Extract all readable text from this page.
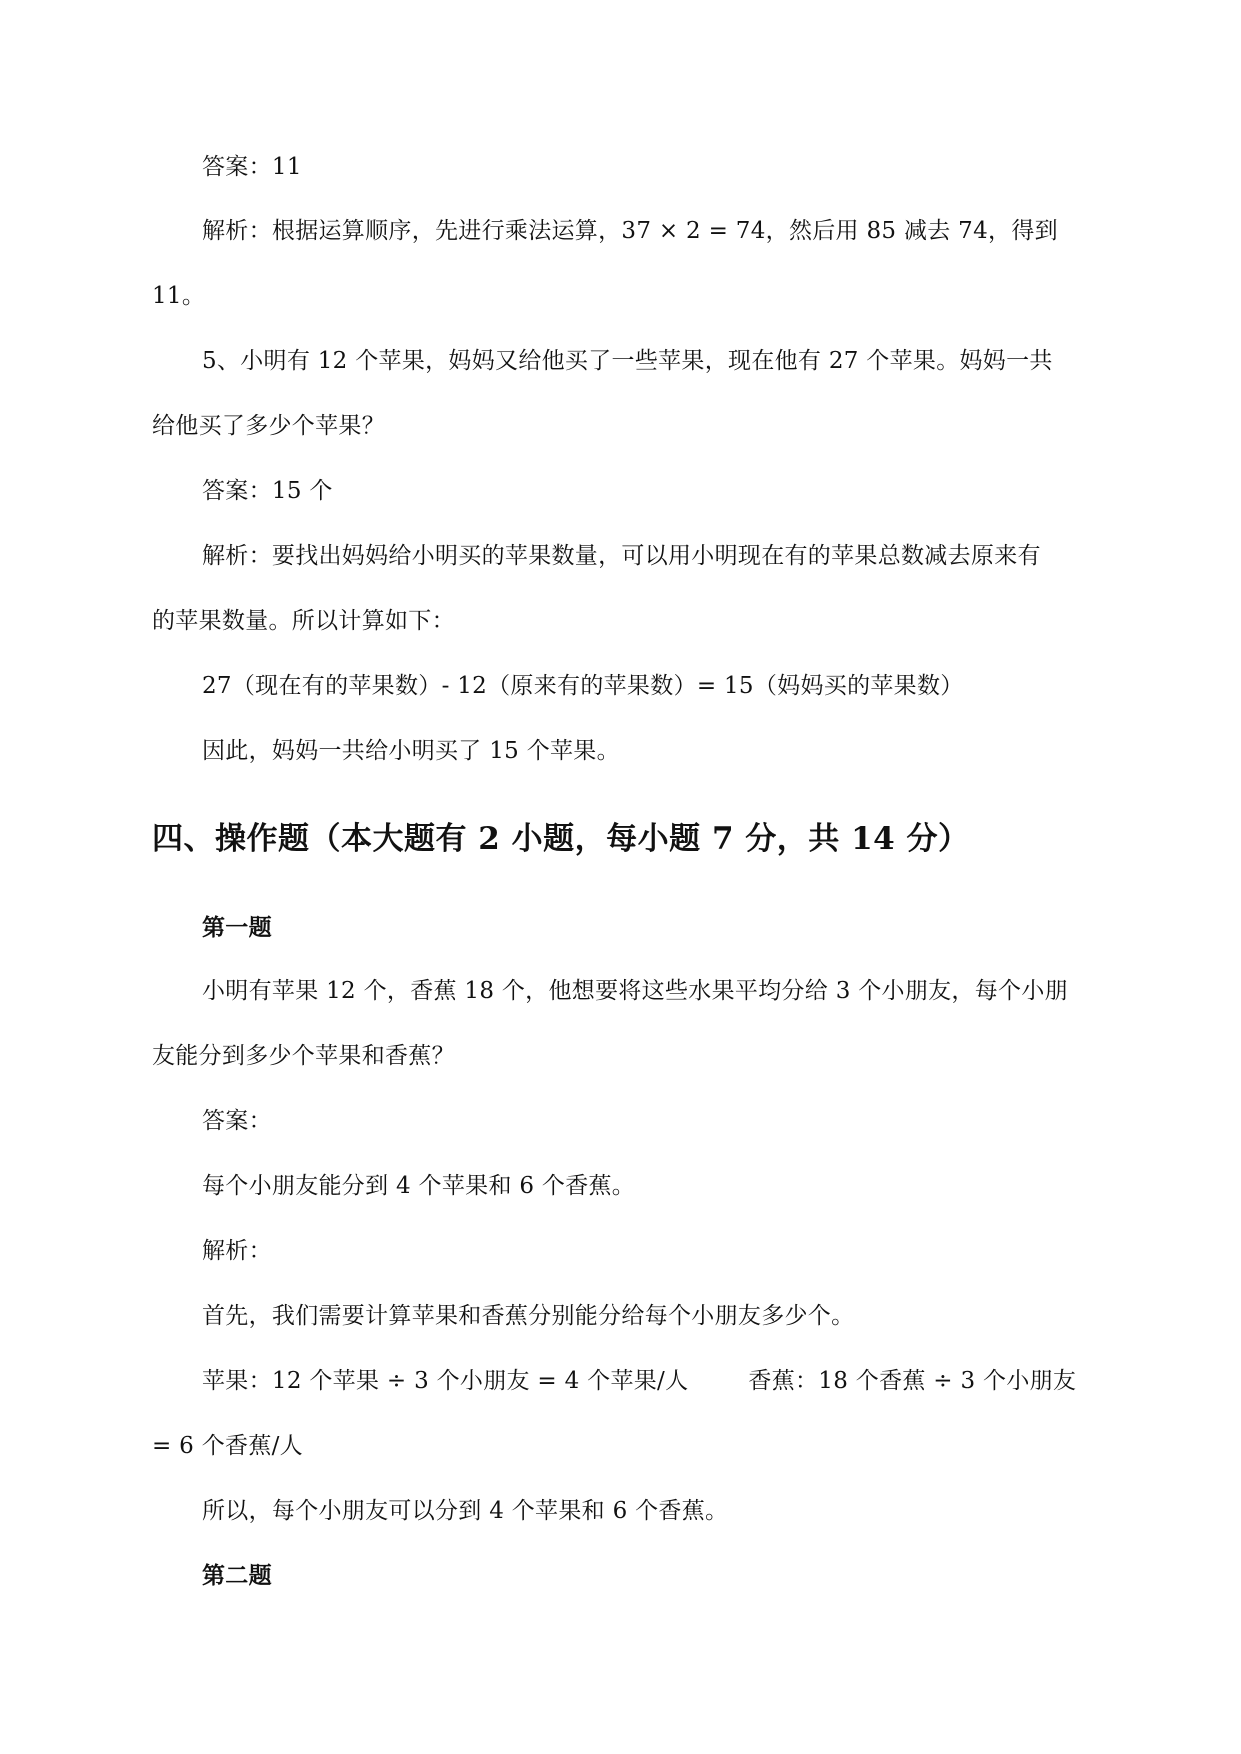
答案：11
解析：根据运算顺序，先进行乘法运算，37 × 2 = 74，然后用 85 减去 74，得到
11。
5、小明有 12 个苹果，妈妈又给他买了一些苹果，现在他有 27 个苹果。妈妈一共
给他买了多少个苹果？
答案：15 个
解析：要找出妈妈给小明买的苹果数量，可以用小明现在有的苹果总数减去原来有
的苹果数量。所以计算如下：
27（现在有的苹果数）- 12（原来有的苹果数）= 15（妈妈买的苹果数）
因此，妈妈一共给小明买了 15 个苹果。
四、操作题（本大题有 2 小题，每小题 7 分，共 14 分）
第一题
小明有苹果 12 个，香蕉 18 个，他想要将这些水果平均分给 3 个小朋友，每个小朋
友能分到多少个苹果和香蕉？
答案：
每个小朋友能分到 4 个苹果和 6 个香蕉。
解析：
首先，我们需要计算苹果和香蕉分别能分给每个小朋友多少个。
苹果：12 个苹果 ÷ 3 个小朋友 = 4 个苹果/人	香蕉：18 个香蕉 ÷ 3 个小朋友
= 6 个香蕉/人
所以，每个小朋友可以分到 4 个苹果和 6 个香蕉。
第二题
